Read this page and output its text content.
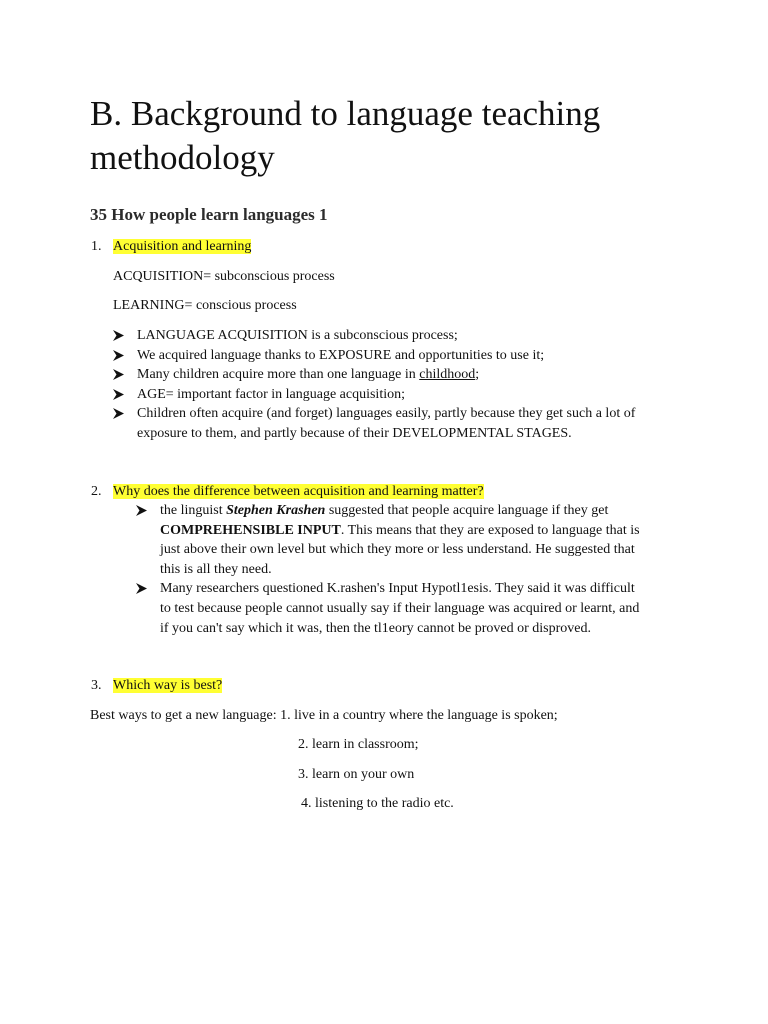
B. Background to language teaching methodology
35 How people learn languages 1
1. Acquisition and learning
ACQUISITION= subconscious process
LEARNING= conscious process
LANGUAGE ACQUISITION is a subconscious process;
We acquired language thanks to EXPOSURE and opportunities to use it;
Many children acquire more than one language in childhood;
AGE= important factor in language acquisition;
Children often acquire (and forget) languages easily, partly because they get such a lot of
exposure to them, and partly because of their DEVELOPMENTAL STAGES.
2. Why does the difference between acquisition and learning matter?
the linguist Stephen Krashen suggested that people acquire language if they get
COMPREHENSIBLE INPUT. This means that they are exposed to language that is
just above their own level but which they more or less understand. He suggested that
this is all they need.
Many researchers questioned K.rashen's Input Hypotl1esis. They said it was difficult
to test because people cannot usually say if their language was acquired or learnt, and
if you can't say which it was, then the tl1eory cannot be proved or disproved.
3. Which way is best?
Best ways to get a new language: 1. live in a country where the language is spoken;
2. learn in classroom;
3. learn on your own
4. listening to the radio etc.
